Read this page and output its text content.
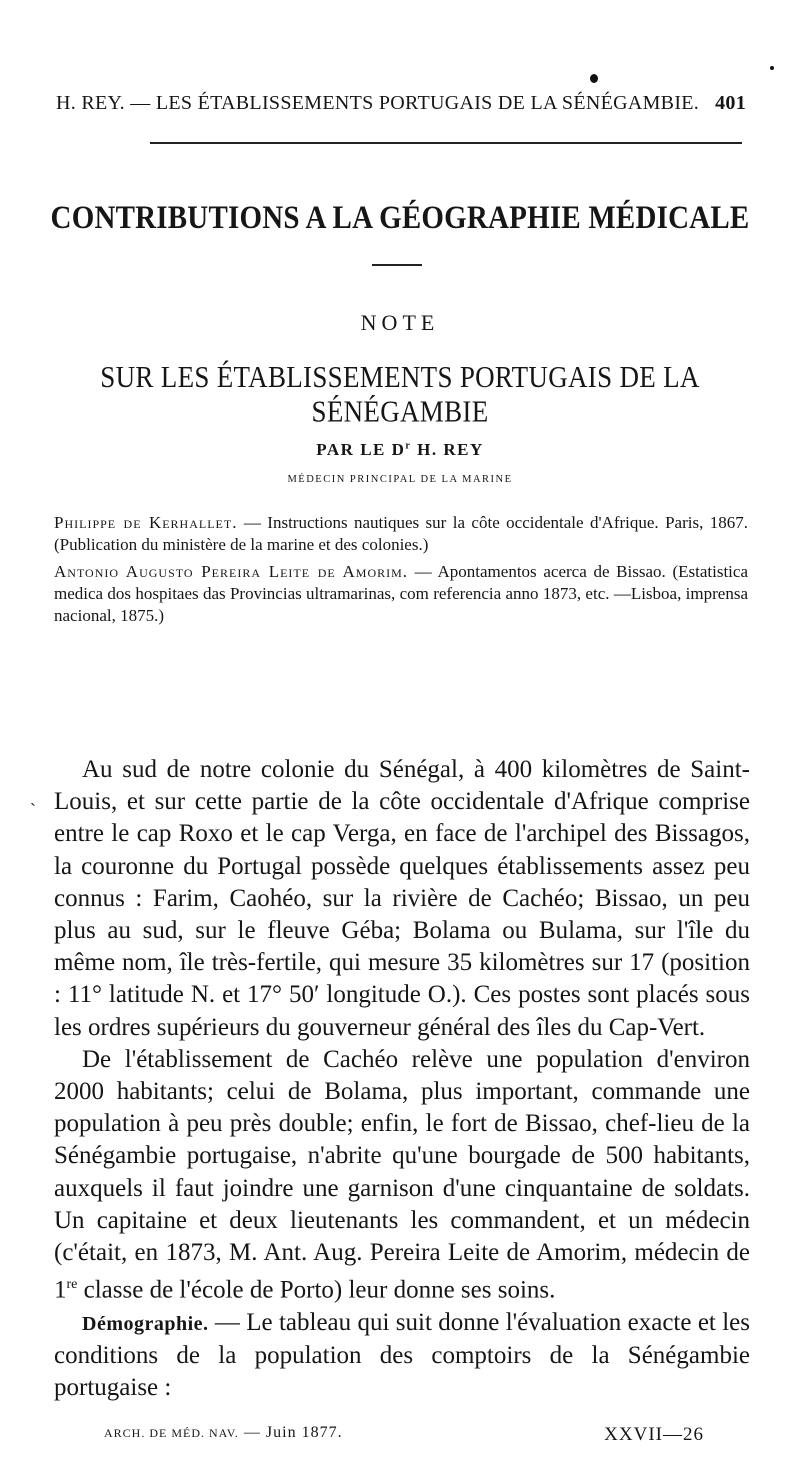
ˎ
H. REY. — LES ÉTABLISSEMENTS PORTUGAIS DE LA SÉNÉGAMBIE. 401
CONTRIBUTIONS A LA GÉOGRAPHIE MÉDICALE
NOTE
SUR LES ÉTABLISSEMENTS PORTUGAIS DE LA SÉNÉGAMBIE
PAR LE $D^r$ H. REY
MÉDECIN PRINCIPAL DE LA MARINE
Philippe de Kerhallet. — Instructions nautiques sur la côte occidentale d'Afrique. Paris, 1867. (Publication du ministère de la marine et des colonies.)
Antonio Augusto Pereira Leite de Amorim. — Apontamentos acerca de Bissao. (Estatistica medica dos hospitaes das Provincias ultramarinas, com referencia anno 1873, etc. —Lisboa, imprensa nacional, 1875.)

Au sud de notre colonie du Sénégal, à 400 kilomètres de Saint-Louis, et sur cette partie de la côte occidentale d'Afrique comprise entre le cap Roxo et le cap Verga, en face de l'archipel des Bissagos, la couronne du Portugal possède quelques établissements assez peu connus : Farim, Caohéo, sur la rivière de Cachéo; Bissao, un peu plus au sud, sur le fleuve Géba; Bolama ou Bulama, sur l'île du même nom, île très-fertile, qui mesure 35 kilomètres sur 17 (position : 11° latitude N. et 17° 50′ longitude O.). Ces postes sont placés sous les ordres supérieurs du gouverneur général des îles du Cap-Vert.

De l'établissement de Cachéo relève une population d'environ 2000 habitants; celui de Bolama, plus important, commande une population à peu près double; enfin, le fort de Bissao, chef-lieu de la Sénégambie portugaise, n'abrite qu'une bourgade de 500 habitants, auxquels il faut joindre une garnison d'une cinquantaine de soldats. Un capitaine et deux lieutenants les commandent, et un médecin (c'était, en 1873, M. Ant. Aug. Pereira Leite de Amorim, médecin de 1re classe de l'école de Porto) leur donne ses soins.

Démographie. — Le tableau qui suit donne l'évaluation exacte et les conditions de la population des comptoirs de la Sénégambie portugaise :

ARCH. DE MÉD. NAV. — Juin 1877.	XXVII—26
